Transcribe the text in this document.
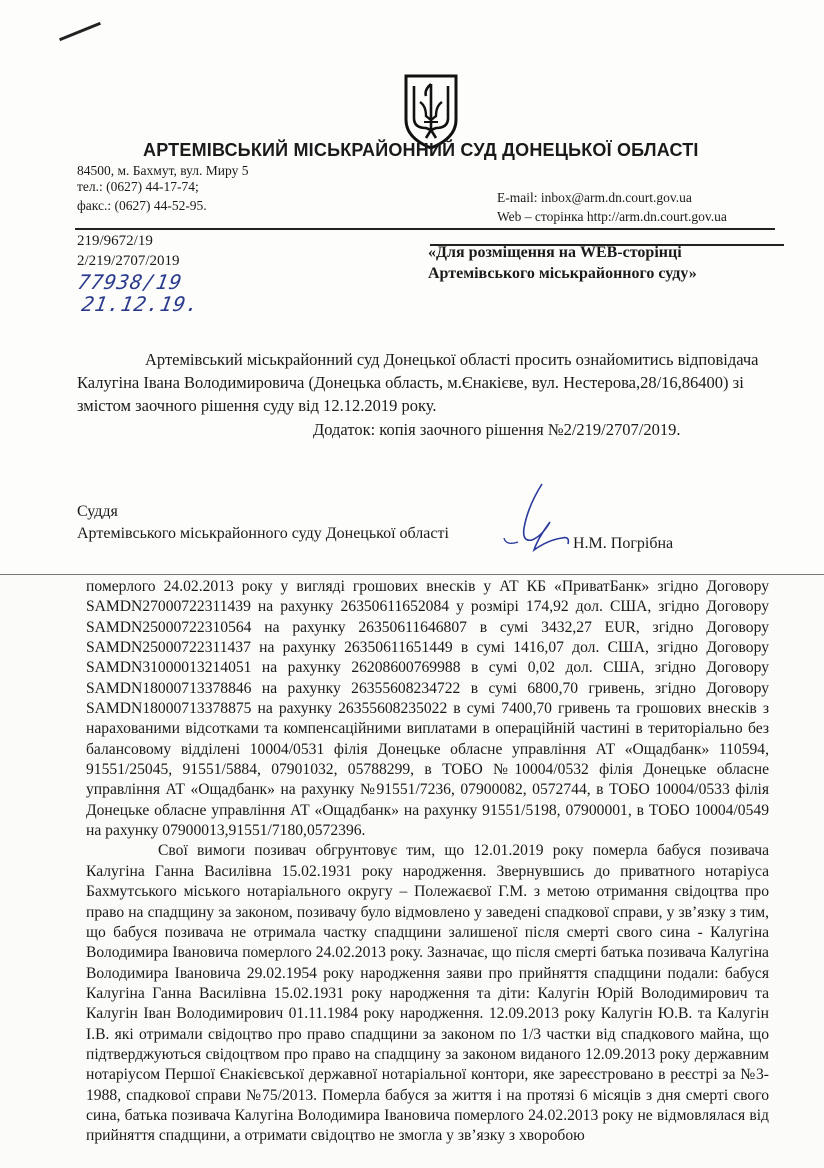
АРТЕМІВСЬКИЙ МІСЬКРАЙОННИЙ СУД ДОНЕЦЬКОЇ ОБЛАСТІ
84500, м. Бахмут, вул. Миру 5
тел.: (0627) 44-17-74;
факс.: (0627) 44-52-95.
E-mail: inbox@arm.dn.court.gov.ua
Web – сторінка http://arm.dn.court.gov.ua
219/9672/19
2/219/2707/2019
77938/19
21.12.19.
«Для розміщення на WEB-сторінці
Артемівського міськрайонного суду»
Артемівський міськрайонний суд Донецької області просить ознайомитись відповідача
Калугіна Івана Володимировича (Донецька область, м.Єнакієве, вул. Нестерова,28/16,86400) зі
змістом заочного рішення суду від 12.12.2019 року.
Додаток: копія заочного рішення №2/219/2707/2019.
Суддя
Артемівського міськрайонного суду Донецької області
Н.М. Погрібна

померлого 24.02.2013 року у вигляді грошових внесків у АТ КБ «ПриватБанк» згідно Договору SAMDN27000722311439 на рахунку 26350611652084 у розмірі 174,92 дол. США, згідно Договору SAMDN25000722310564 на рахунку 26350611646807 в сумі 3432,27 EUR, згідно Договору SAMDN25000722311437 на рахунку 26350611651449 в сумі 1416,07 дол. США, згідно Договору SAMDN31000013214051 на рахунку 26208600769988 в сумі 0,02 дол. США, згідно Договору SAMDN18000713378846 на рахунку 26355608234722 в сумі 6800,70 гривень, згідно Договору SAMDN18000713378875 на рахунку 26355608235022 в сумі 7400,70 гривень та грошових внесків з нарахованими відсотками та компенсаційними виплатами в операційній частині в територіально без балансовому відділені 10004/0531 філія Донецьке обласне управління АТ «Ощадбанк» 110594, 91551/25045, 91551/5884, 07901032, 05788299, в ТОБО №10004/0532 філія Донецьке обласне управління АТ «Ощадбанк» на рахунку №91551/7236, 07900082, 0572744, в ТОБО 10004/0533 філія Донецьке обласне управління АТ «Ощадбанк» на рахунку 91551/5198, 07900001, в ТОБО 10004/0549 на рахунку 07900013,91551/7180,0572396.

Свої вимоги позивач обгрунтовує тим, що 12.01.2019 року померла бабуся позивача Калугіна Ганна Василівна 15.02.1931 року народження. Звернувшись до приватного нотаріуса Бахмутського міського нотаріального округу – Полежаєвої Г.М. з метою отримання свідоцтва про право на спадщину за законом, позивачу було відмовлено у заведені спадкової справи, у зв’язку з тим, що бабуся позивача не отримала частку спадщини залишеної після смерті свого сина - Калугіна Володимира Івановича померлого 24.02.2013 року. Зазначає, що після смерті батька позивача Калугіна Володимира Івановича 29.02.1954 року народження заяви про прийняття спадщини подали: бабуся Калугіна Ганна Василівна 15.02.1931 року народження та діти: Калугін Юрій Володимирович та Калугін Іван Володимирович 01.11.1984 року народження. 12.09.2013 року Калугін Ю.В. та Калугін І.В. які отримали свідоцтво про право спадщини за законом по 1/3 частки від спадкового майна, що підтверджуються свідоцтвом про право на спадщину за законом виданого 12.09.2013 року державним нотаріусом Першої Єнакієвської державної нотаріальної контори, яке зареєстровано в реєстрі за №3-1988, спадкової справи №75/2013. Померла бабуся за життя і на протязі 6 місяців з дня смерті свого сина, батька позивача Калугіна Володимира Івановича померлого 24.02.2013 року не відмовлялася від прийняття спадщини, а отримати свідоцтво не змогла у зв’язку з хворобою
